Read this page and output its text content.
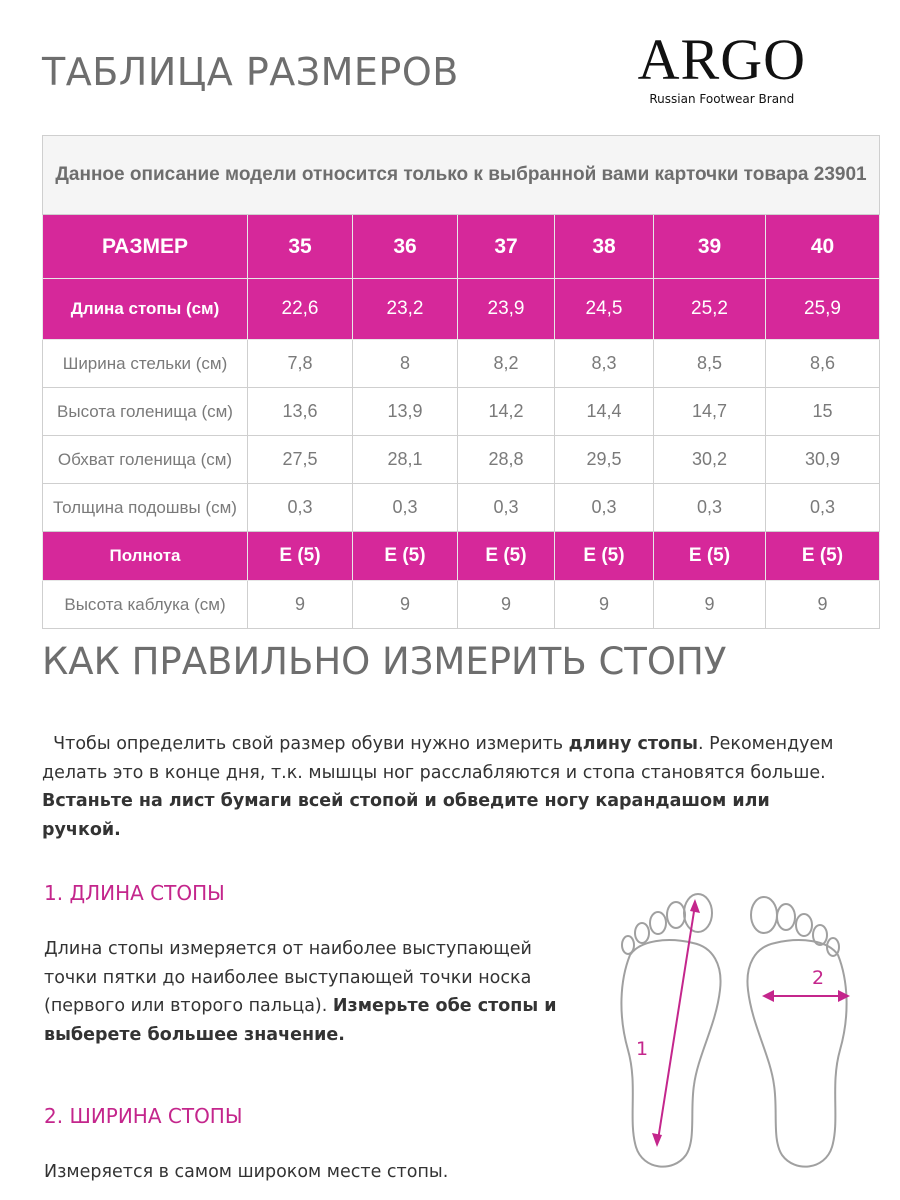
ТАБЛИЦА РАЗМЕРОВ	ARGO
Russian Footwear Brand
Данное описание модели относится только к выбранной вами карточки товара 23901						
РАЗМЕР	35	36	37	38	39	40
Длина стопы (см)	22,6	23,2	23,9	24,5	25,2	25,9
Ширина стельки (см)	7,8	8	8,2	8,3	8,5	8,6
Высота голенища (см)	13,6	13,9	14,2	14,4	14,7	15
Обхват голенища (см)	27,5	28,1	28,8	29,5	30,2	30,9
Толщина подошвы (см)	0,3	0,3	0,3	0,3	0,3	0,3
Полнота	E (5)	E (5)	E (5)	E (5)	E (5)	E (5)
Высота каблука (см)	9	9	9	9	9	9
КАК ПРАВИЛЬНО ИЗМЕРИТЬ СТОПУ

Чтобы определить свой размер обуви нужно измерить длину стопы. Рекомендуем делать это в конце дня, т.к. мышцы ног расслабляются и стопа становятся больше. Встаньте на лист бумаги всей стопой и обведите ногу карандашом или ручкой.

1. ДЛИНА СТОПЫ

Длина стопы измеряется от наиболее выступающей точки пятки до наиболее выступающей точки носка (первого или второго пальца). Измерьте обе стопы и выберете большее значение.

2. ШИРИНА СТОПЫ

Измеряется в самом широком месте стопы.

1
2
